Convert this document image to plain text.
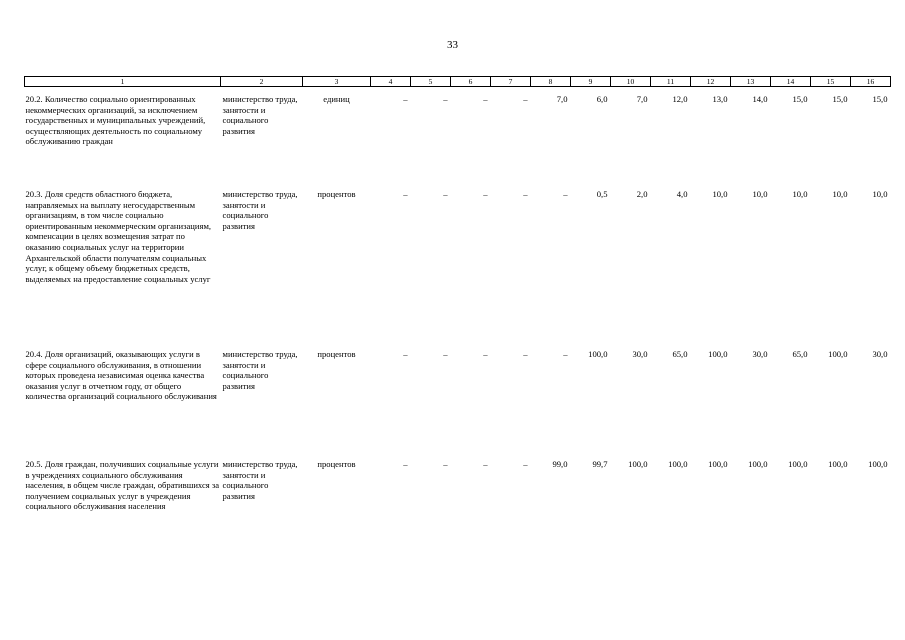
33
1	2	3	4	5	6	7	8	9	10	11	12	13	14	15	16
20.2. Количество социально ориентированных некоммерческих организаций, за исключением государственных и муниципальных учреждений, осуществляющих деятельность по социальному обслуживанию граждан	министерство труда, занятости и социального развития	единиц	–	–	–	–	7,0	6,0	7,0	12,0	13,0	14,0	15,0	15,0	15,0
20.3. Доля средств областного бюджета, направляемых на выплату негосударственным организациям, в том числе социально ориентированным некоммерческим организациям, компенсации в целях возмещения затрат по оказанию социальных услуг на территории Архангельской области получателям социальных услуг, к общему объему бюджетных средств, выделяемых на предоставление социальных услуг	министерство труда, занятости и социального развития	процентов	–	–	–	–	–	0,5	2,0	4,0	10,0	10,0	10,0	10,0	10,0
20.4. Доля организаций, оказывающих услуги в сфере социального обслуживания, в отношении которых проведена независимая оценка качества оказания услуг в отчетном году, от общего количества организаций социального обслуживания	министерство труда, занятости и социального развития	процентов	–	–	–	–	–	100,0	30,0	65,0	100,0	30,0	65,0	100,0	30,0
20.5. Доля граждан, получивших социальные услуги в учреждениях социального обслуживания населения, в общем числе граждан, обратившихся за получением социальных услуг в учреждения социального обслуживания населения	министерство труда, занятости и социального развития	процентов	–	–	–	–	99,0	99,7	100,0	100,0	100,0	100,0	100,0	100,0	100,0
